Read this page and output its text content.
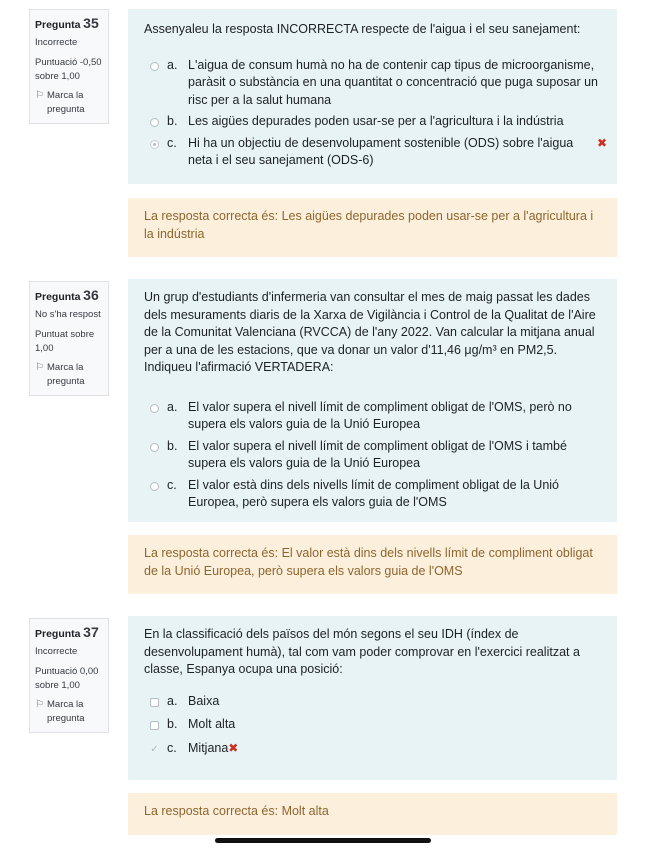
Pregunta 35
Incorrecte
Puntuació -0,50 sobre 1,00
⚐ Marca la pregunta

Assenyaleu la resposta INCORRECTA respecte de l'aigua i el seu sanejament:

a. L'aigua de consum humà no ha de contenir cap tipus de microorganisme, paràsit o substància en una quantitat o concentració que puga suposar un risc per a la salut humana
b. Les aigües depurades poden usar-se per a l'agricultura i la indústria
c. Hi ha un objectiu de desenvolupament sostenible (ODS) sobre l'aigua neta i el seu sanejament (ODS-6)
✖
La resposta correcta és: Les aigües depurades poden usar-se per a l'agricultura i la indústria
Pregunta 36
No s'ha respost
Puntuat sobre 1,00
⚐ Marca la pregunta

Un grup d'estudiants d'infermeria van consultar el mes de maig passat les dades dels mesuraments diaris de la Xarxa de Vigilància i Control de la Qualitat de l'Aire de la Comunitat Valenciana (RVCCA) de l'any 2022. Van calcular la mitjana anual per a una de les estacions, que va donar un valor d'11,46 μg/m³ en PM2,5. Indiqueu l'afirmació VERTADERA:

a. El valor supera el nivell límit de compliment obligat de l'OMS, però no supera els valors guia de la Unió Europea
b. El valor supera el nivell límit de compliment obligat de l'OMS i també supera els valors guia de la Unió Europea
c. El valor està dins dels nivells límit de compliment obligat de la Unió Europea, però supera els valors guia de l'OMS
La resposta correcta és: El valor està dins dels nivells límit de compliment obligat de la Unió Europea, però supera els valors guia de l'OMS
Pregunta 37
Incorrecte
Puntuació 0,00 sobre 1,00
⚐ Marca la pregunta

En la classificació dels països del món segons el seu IDH (índex de desenvolupament humà), tal com vam poder comprovar en l'exercici realitzat a classe, Espanya ocupa una posició:

a. Baixa
b. Molt alta
✓ c. Mitjana✖
La resposta correcta és: Molt alta
